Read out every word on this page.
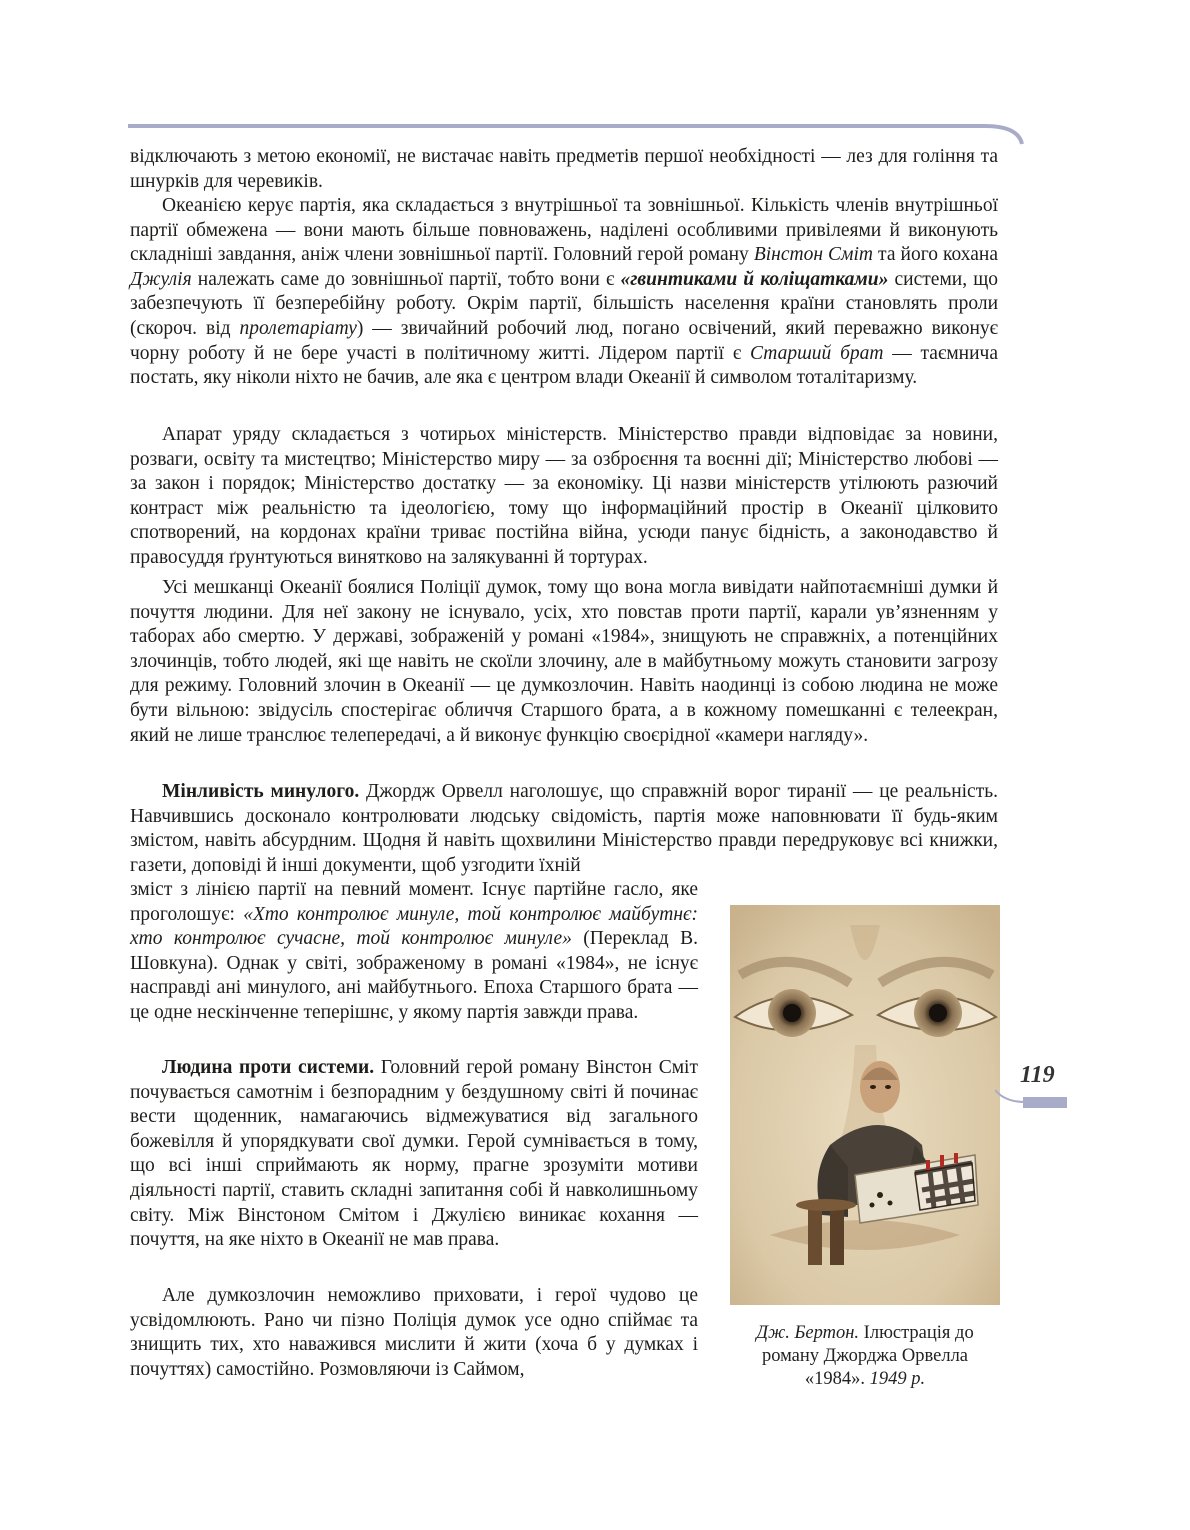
відключають з метою економії, не вистачає навіть предметів першої необхідності — лез для гоління та шнурків для черевиків.

Океанією керує партія, яка складається з внутрішньої та зовнішньої. Кількість членів внутрішньої партії обмежена — вони мають більше повноважень, наділені особливими привілеями й виконують складніші завдання, аніж члени зовнішньої партії. Головний герой роману Вінстон Сміт та його кохана Джулія належать саме до зовнішньої партії, тобто вони є «гвинтиками й коліщатками» системи, що забезпечують її безперебійну роботу. Окрім партії, більшість населення країни становлять проли (скороч. від пролетаріату) — звичайний робочий люд, погано освічений, який переважно виконує чорну роботу й не бере участі в політичному житті. Лідером партії є Старший брат — таємнича постать, яку ніколи ніхто не бачив, але яка є центром влади Океанії й символом тоталітаризму.

Апарат уряду складається з чотирьох міністерств. Міністерство правди відповідає за новини, розваги, освіту та мистецтво; Міністерство миру — за озброєння та воєнні дії; Міністерство любові — за закон і порядок; Міністерство достатку — за економіку. Ці назви міністерств утілюють разючий контраст між реальністю та ідеологією, тому що інформаційний простір в Океанії цілковито спотворений, на кордонах країни триває постійна війна, усюди панує бідність, а законодавство й правосуддя ґрунтуються винятково на залякуванні й тортурах.

Усі мешканці Океанії боялися Поліції думок, тому що вона могла вивідати найпотаємніші думки й почуття людини. Для неї закону не існувало, усіх, хто повстав проти партії, карали ув’язненням у таборах або смертю. У державі, зображеній у романі «1984», знищують не справжніх, а потенційних злочинців, тобто людей, які ще навіть не скоїли злочину, але в майбутньому можуть становити загрозу для режиму. Головний злочин в Океанії — це думкозлочин. Навіть наодинці із собою людина не може бути вільною: звідусіль спостерігає обличчя Старшого брата, а в кожному помешканні є телеекран, який не лише транслює телепередачі, а й виконує функцію своєрідної «камери нагляду».

Мінливість минулого. Джордж Орвелл наголошує, що справжній ворог тиранії — це реальність. Навчившись досконало контролювати людську свідомість, партія може наповнювати її будь-яким змістом, навіть абсурдним. Щодня й навіть щохвилини Міністерство правди передруковує всі книжки, газети, доповіді й інші документи, щоб узгодити їхній

зміст з лінією партії на певний момент. Існує партійне гасло, яке проголошує: «Хто контролює минуле, той контролює майбутнє: хто контролює сучасне, той контролює минуле» (Переклад В. Шовкуна). Однак у світі, зображеному в романі «1984», не існує насправді ані минулого, ані майбутнього. Епоха Старшого брата — це одне нескінченне теперішнє, у якому партія завжди права.

Людина проти системи. Головний герой роману Вінстон Сміт почувається самотнім і безпорадним у бездушному світі й починає вести щоденник, намагаючись відмежуватися від загального божевілля й упорядкувати свої думки. Герой сумнівається в тому, що всі інші сприймають як норму, прагне зрозуміти мотиви діяльності партії, ставить складні запитання собі й навколишньому світу. Між Вінстоном Смітом і Джулією виникає кохання — почуття, на яке ніхто в Океанії не мав права.

Але думкозлочин неможливо приховати, і герої чудово це усвідомлюють. Рано чи пізно Поліція думок усе одно спіймає та знищить тих, хто наважився мислити й жити (хоча б у думках і почуттях) самостійно. Розмовляючи із Саймом,

Дж. Бертон. Ілюстрація до роману Джорджа Орвелла «1984». 1949 р.
119
